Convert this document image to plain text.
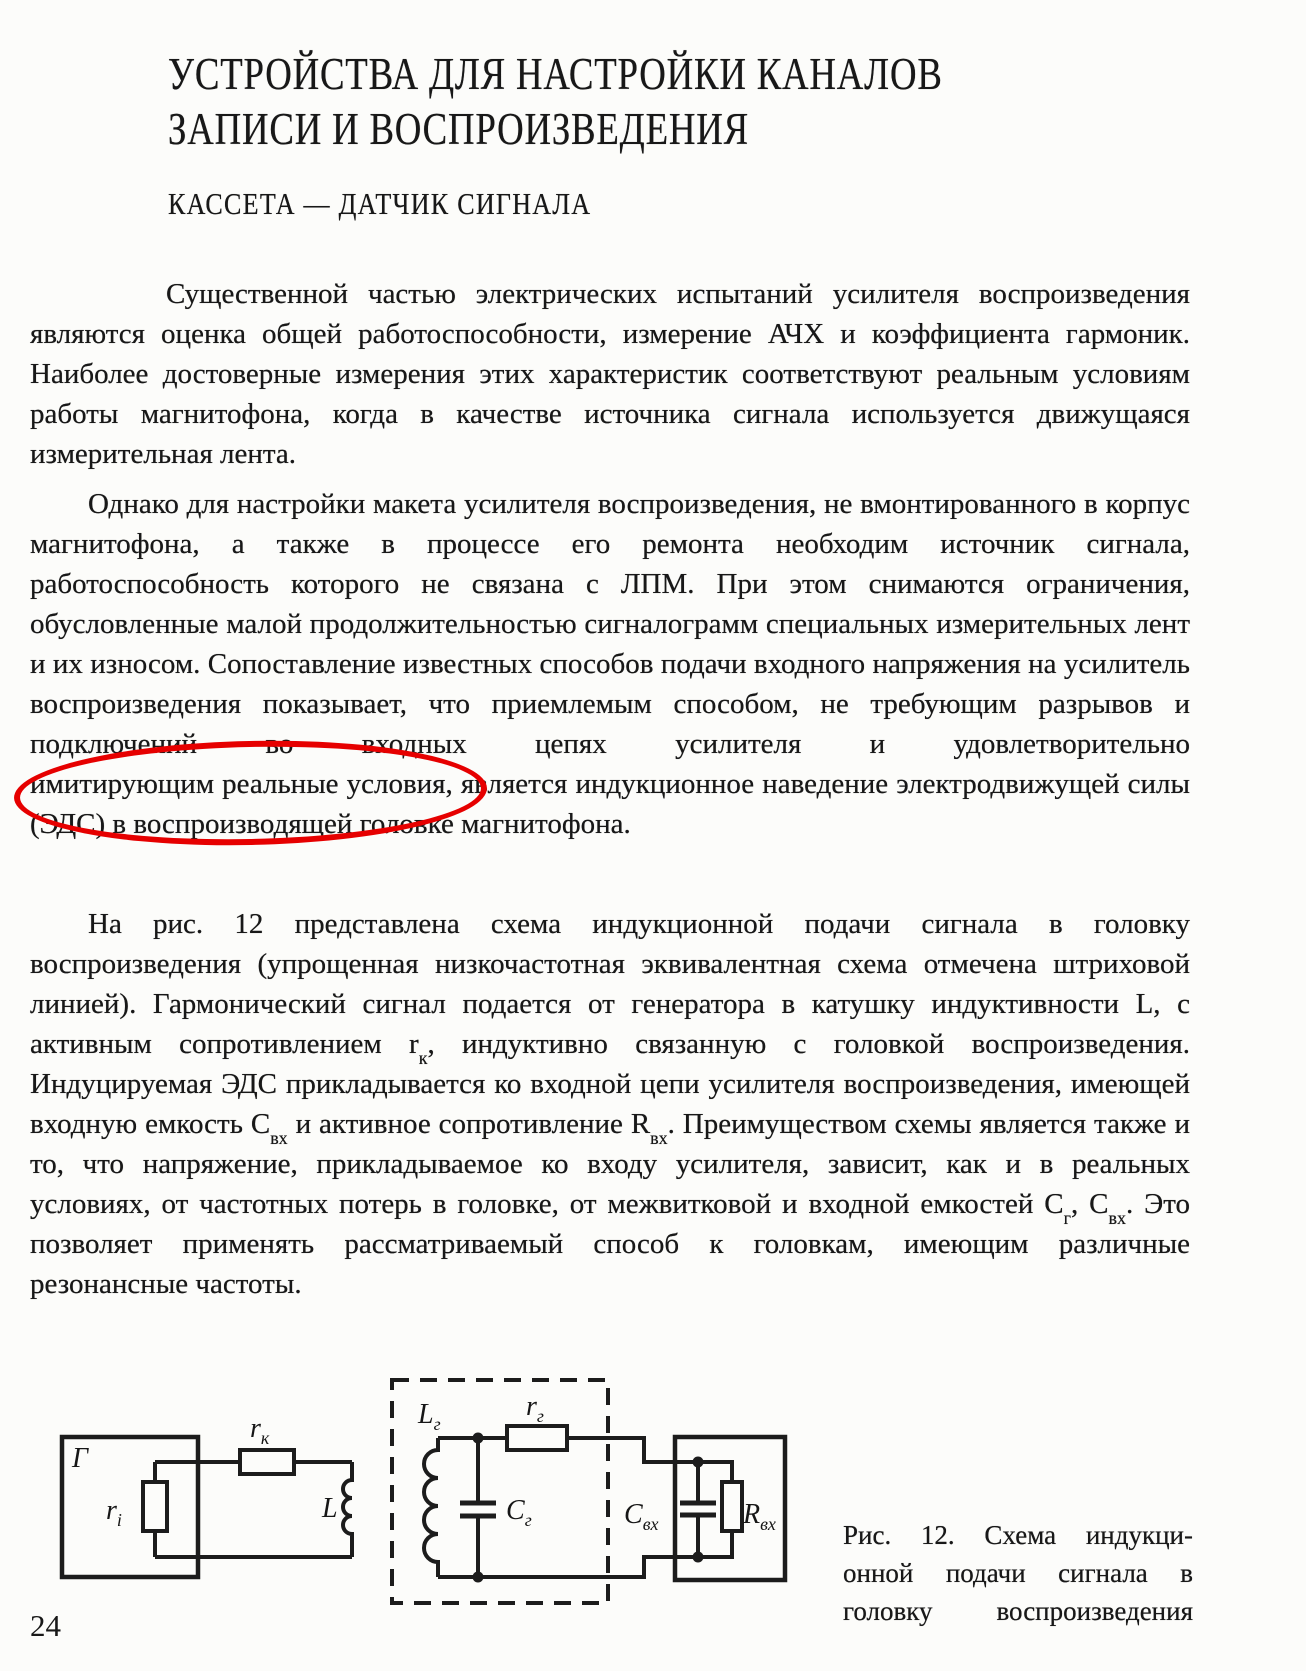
УСТРОЙСТВА ДЛЯ НАСТРОЙКИ КАНАЛОВ
ЗАПИСИ И ВОСПРОИЗВЕДЕНИЯ
КАССЕТА — ДАТЧИК СИГНАЛА

Существенной частью электрических испытаний усилителя воспроизведения являются оценка общей работоспособности, измерение АЧХ и коэффициента гармоник. Наиболее достоверные измерения этих характеристик соответствуют реальным условиям работы магнитофона, когда в качестве источника сигнала используется движущаяся измерительная лента.

Однако для настройки макета усилителя воспроизведения, не вмонтированного в корпус магнитофона, а также в процессе его ремонта необходим источник сигнала, работоспособность которого не связана с ЛПМ. При этом снимаются ограничения, обусловленные малой продолжительностью сигналограмм специальных измерительных лент и их износом. Сопоставление известных способов подачи входного напряжения на усилитель воспроизведения показывает, что приемлемым способом, не требующим разрывов и подключений во входных цепях усилителя и удовлетворительно
имитирующим реальные условия, является индукционное наведение электродвижущей силы (ЭДС) в воспроизводящей головке магнитофона.

На рис. 12 представлена схема индукционной подачи сигнала в головку воспроизведения (упрощенная низкочастотная эквивалентная схема отмечена штриховой линией). Гармонический сигнал подается от генератора в катушку индуктивности L, с активным сопротивлением $r_к$, индуктивно связанную с головкой воспроизведения. Индуцируемая ЭДС прикладывается ко входной цепи усилителя воспроизведения, имеющей входную емкость $C_{вх}$ и активное сопротивление $R_{вх}$. Преимуществом схемы является также и то, что напряжение, прикладываемое ко входу усилителя, зависит, как и в реальных условиях, от частотных потерь в головке, от межвитковой и входной емкостей $C_г$, $C_{вх}$. Это позволяет применять рассматриваемый способ к головкам, имеющим различные резонансные частоты.

Г
$r_i$
$r_к$
L
$L_г$
$r_г$
$C_г$	$C_{вх}$	$R_{вх}$ Рис. 12. Схема индукци-
онной подачи сигнала в
головку воспроизведения
24
